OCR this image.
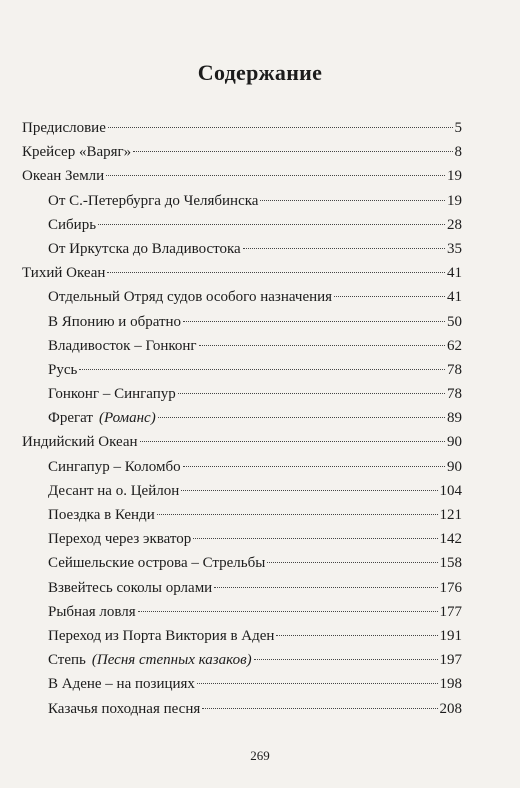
Содержание
Предисловие	5
Крейсер «Варяг»	8
Океан Земли	19
От С.-Петербурга до Челябинска	19
Сибирь	28
От Иркутска до Владивостока	35
Тихий Океан	41
Отдельный Отряд судов особого назначения	41
В Японию и обратно	50
Владивосток – Гонконг	62
Русь	78
Гонконг – Сингапур	78
Фрегат (Романс)	89
Индийский Океан	90
Сингапур – Коломбо	90
Десант на о. Цейлон	104
Поездка в Кенди	121
Переход через экватор	142
Сейшельские острова – Стрельбы	158
Взвейтесь соколы орлами	176
Рыбная ловля	177
Переход из Порта Виктория в Аден	191
Степь (Песня степных казаков)	197
В Адене – на позициях	198
Казачья походная песня	208
269
